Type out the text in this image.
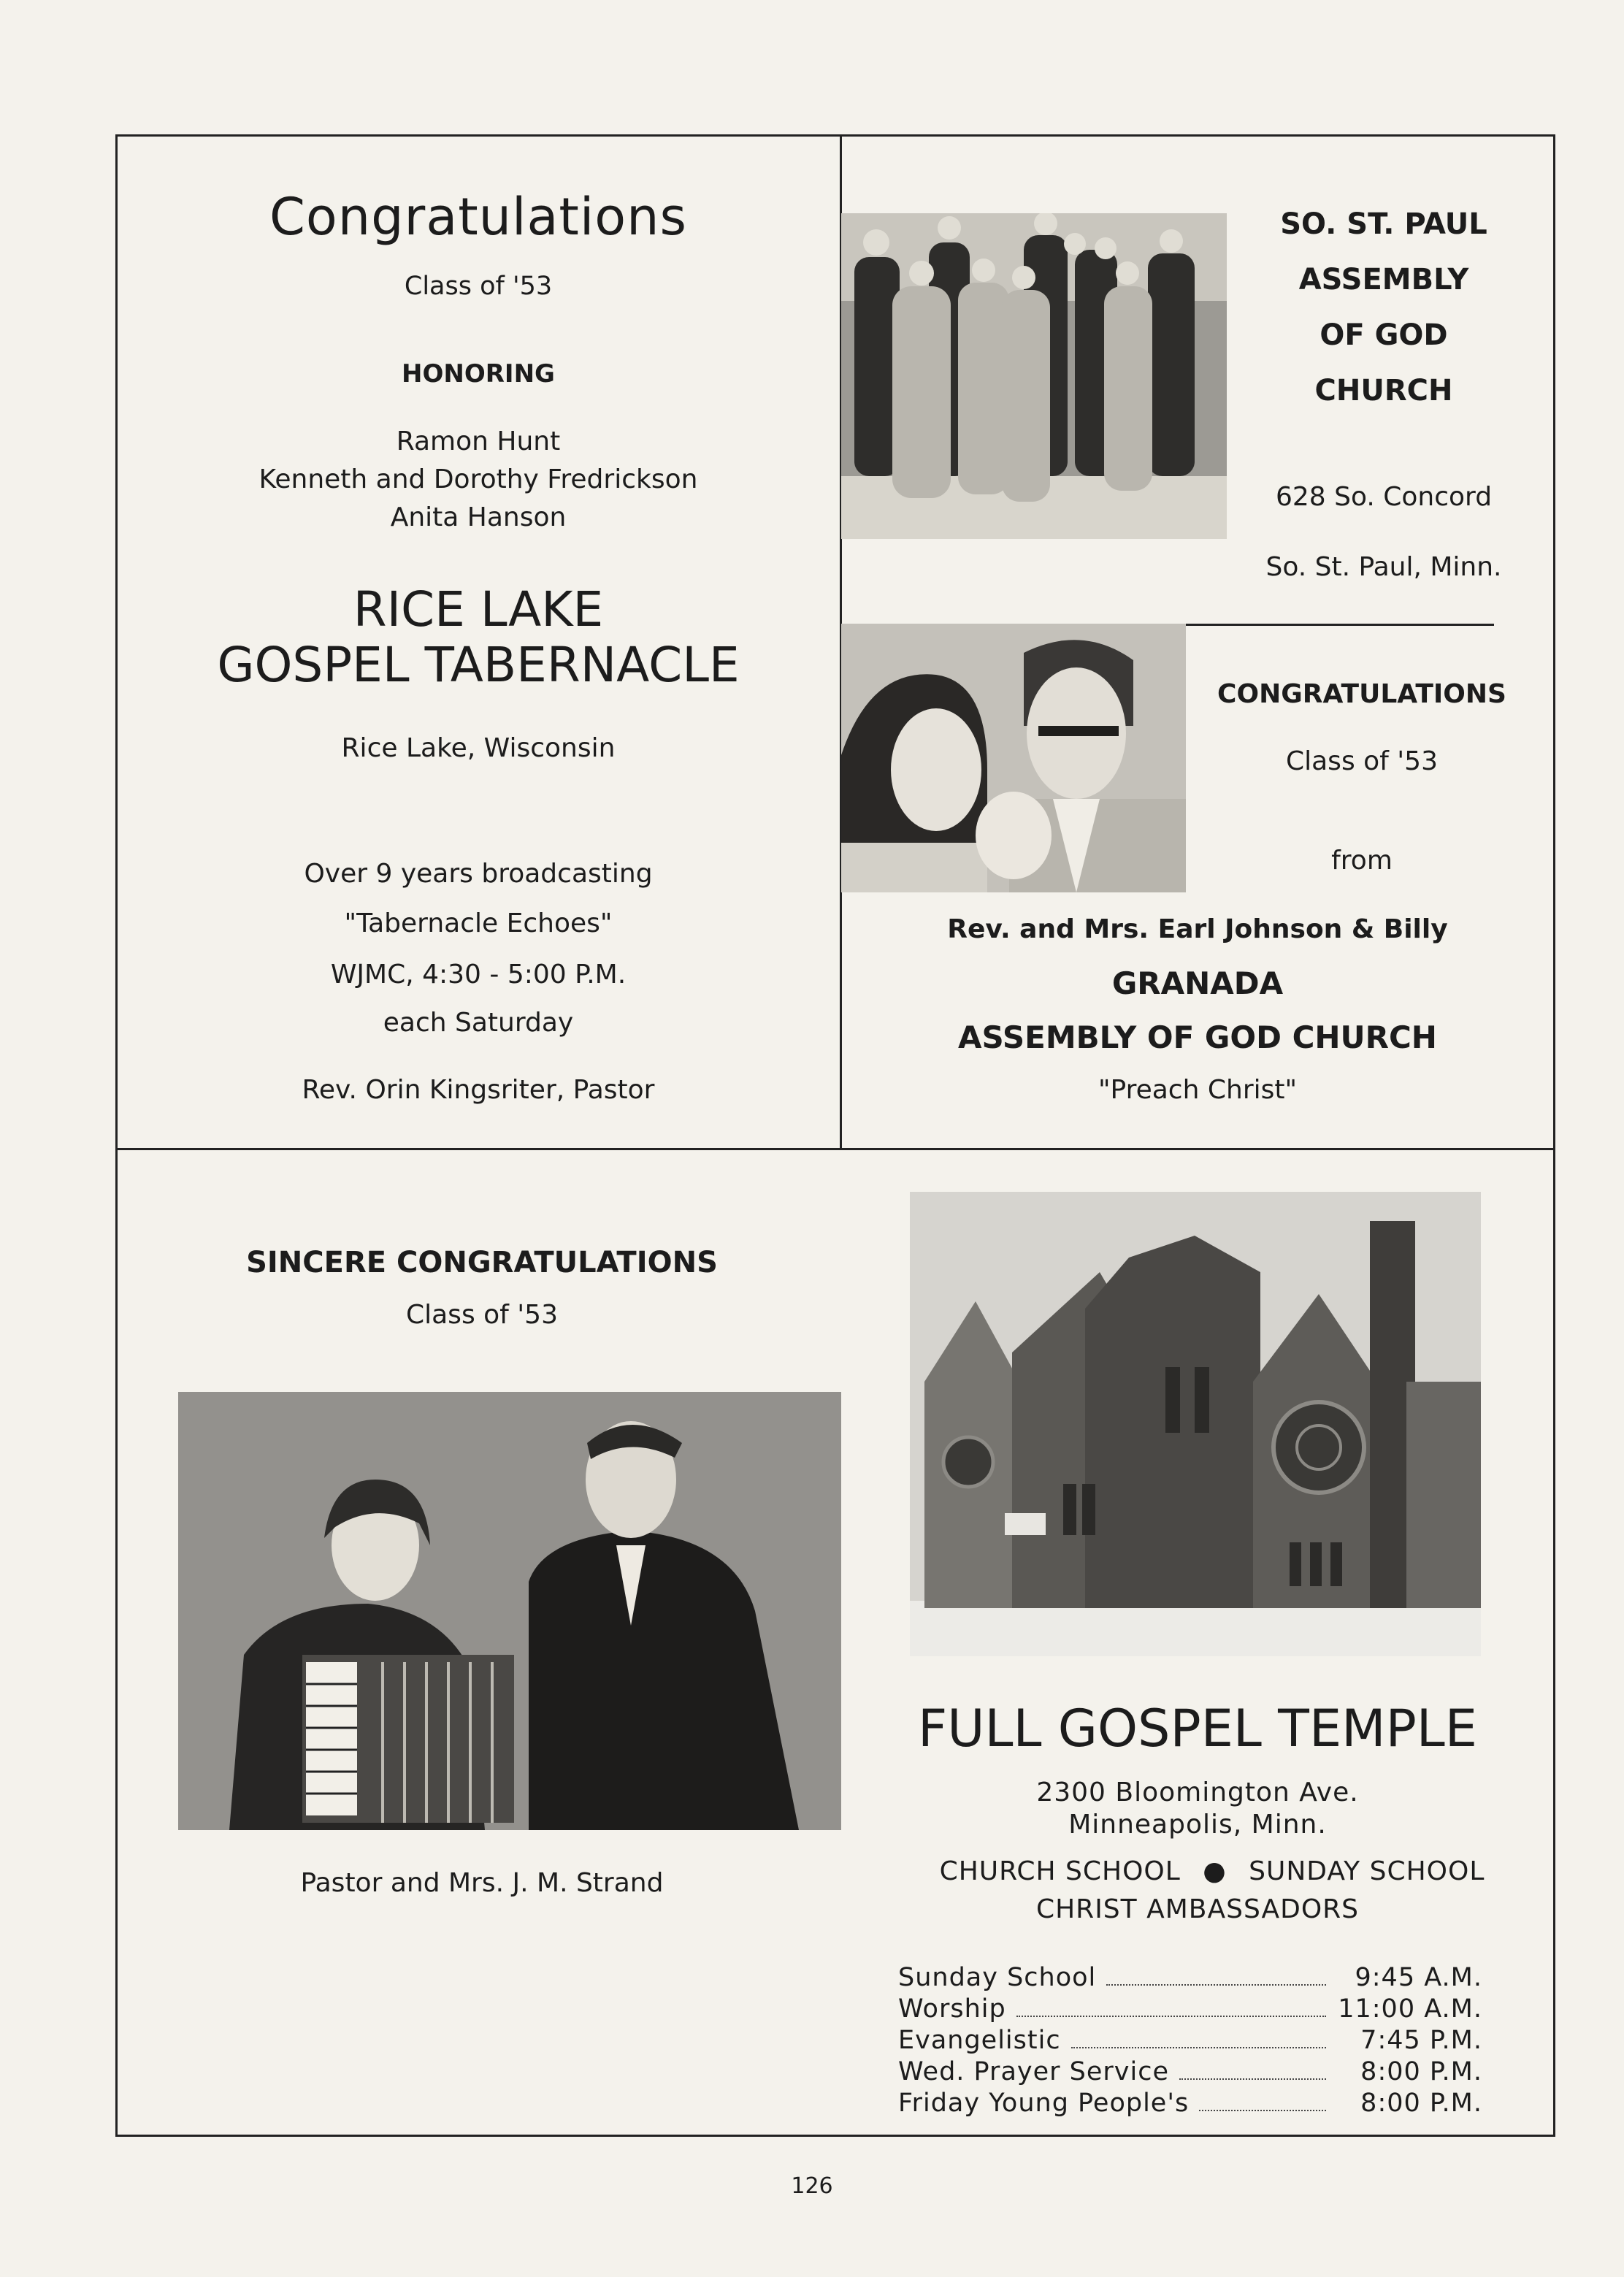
Congratulations
Class of '53
HONORING
Ramon Hunt
Kenneth and Dorothy Fredrickson
Anita Hanson
RICE LAKE
GOSPEL TABERNACLE
Rice Lake, Wisconsin
Over 9 years broadcasting
"Tabernacle Echoes"
WJMC, 4:30 - 5:00 P.M.
each Saturday
Rev. Orin Kingsriter, Pastor
SO. ST. PAUL
ASSEMBLY
OF GOD
CHURCH
628 So. Concord
So. St. Paul, Minn.
CONGRATULATIONS
Class of '53
from
Rev. and Mrs. Earl Johnson & Billy
GRANADA
ASSEMBLY OF GOD CHURCH
"Preach Christ"
SINCERE CONGRATULATIONS
Class of '53
Pastor and Mrs. J. M. Strand
FULL GOSPEL TEMPLE
2300 Bloomington Ave.
Minneapolis, Minn.
CHURCH SCHOOL ● SUNDAY SCHOOL
CHRIST AMBASSADORS
Sunday School	9:45 A.M.
Worship	11:00 A.M.
Evangelistic	7:45 P.M.
Wed. Prayer Service	8:00 P.M.
Friday Young People's	8:00 P.M.
126
